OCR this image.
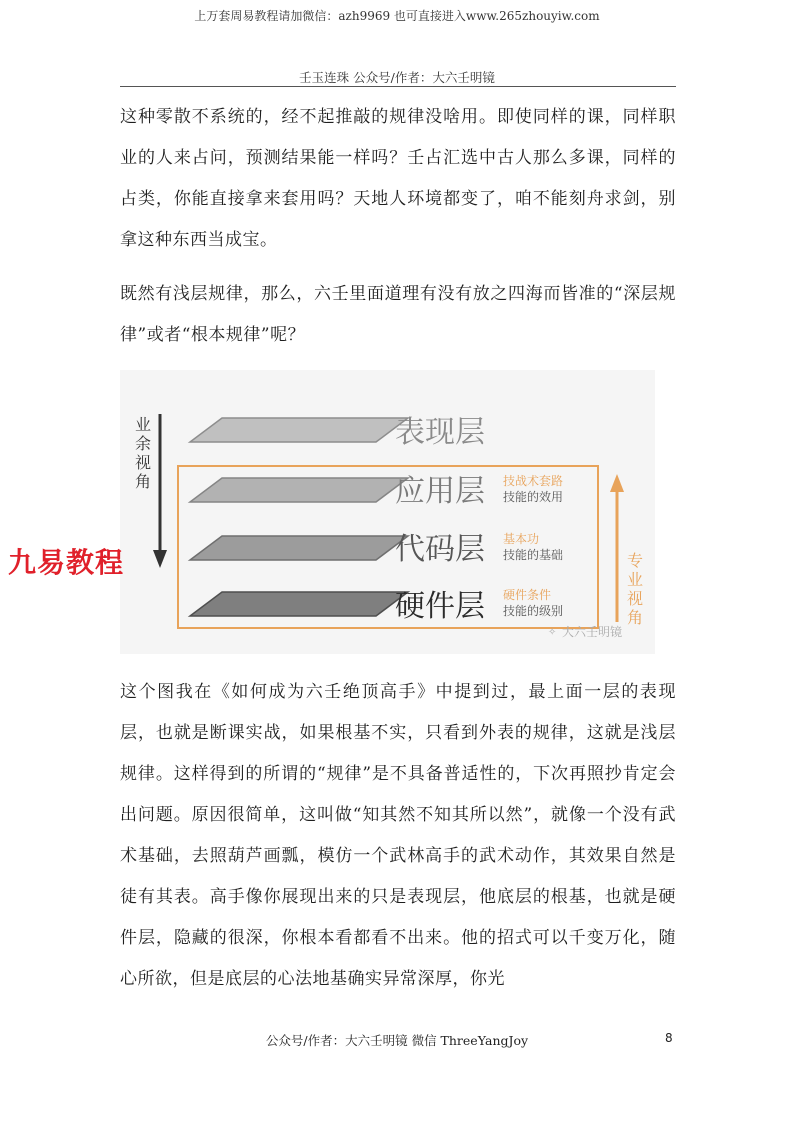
上万套周易教程请加微信：azh9969 也可直接进入www.265zhouyiw.com
壬玉连珠 公众号/作者：大六壬明镜

这种零散不系统的，经不起推敲的规律没啥用。即使同样的课，同样职业的人来占问，预测结果能一样吗？壬占汇选中古人那么多课，同样的占类，你能直接拿来套用吗？天地人环境都变了，咱不能刻舟求剑，别拿这种东西当成宝。

既然有浅层规律，那么，六壬里面道理有没有放之四海而皆准的“深层规律”或者“根本规律”呢？

业
余
视
角
表现层
应用层
代码层
硬件层
技战术套路
技能的效用
基本功
技能的基础
硬件条件
技能的级别
专
业
视
角
✧ 大六壬明镜
九易教程

这个图我在《如何成为六壬绝顶高手》中提到过，最上面一层的表现层，也就是断课实战，如果根基不实，只看到外表的规律，这就是浅层规律。这样得到的所谓的“规律”是不具备普适性的，下次再照抄肯定会出问题。原因很简单，这叫做“知其然不知其所以然”，就像一个没有武术基础，去照葫芦画瓢，模仿一个武林高手的武术动作，其效果自然是徒有其表。高手像你展现出来的只是表现层，他底层的根基，也就是硬件层，隐藏的很深，你根本看都看不出来。他的招式可以千变万化，随心所欲，但是底层的心法地基确实异常深厚，你光

公众号/作者：大六壬明镜 微信 ThreeYangJoy	8
